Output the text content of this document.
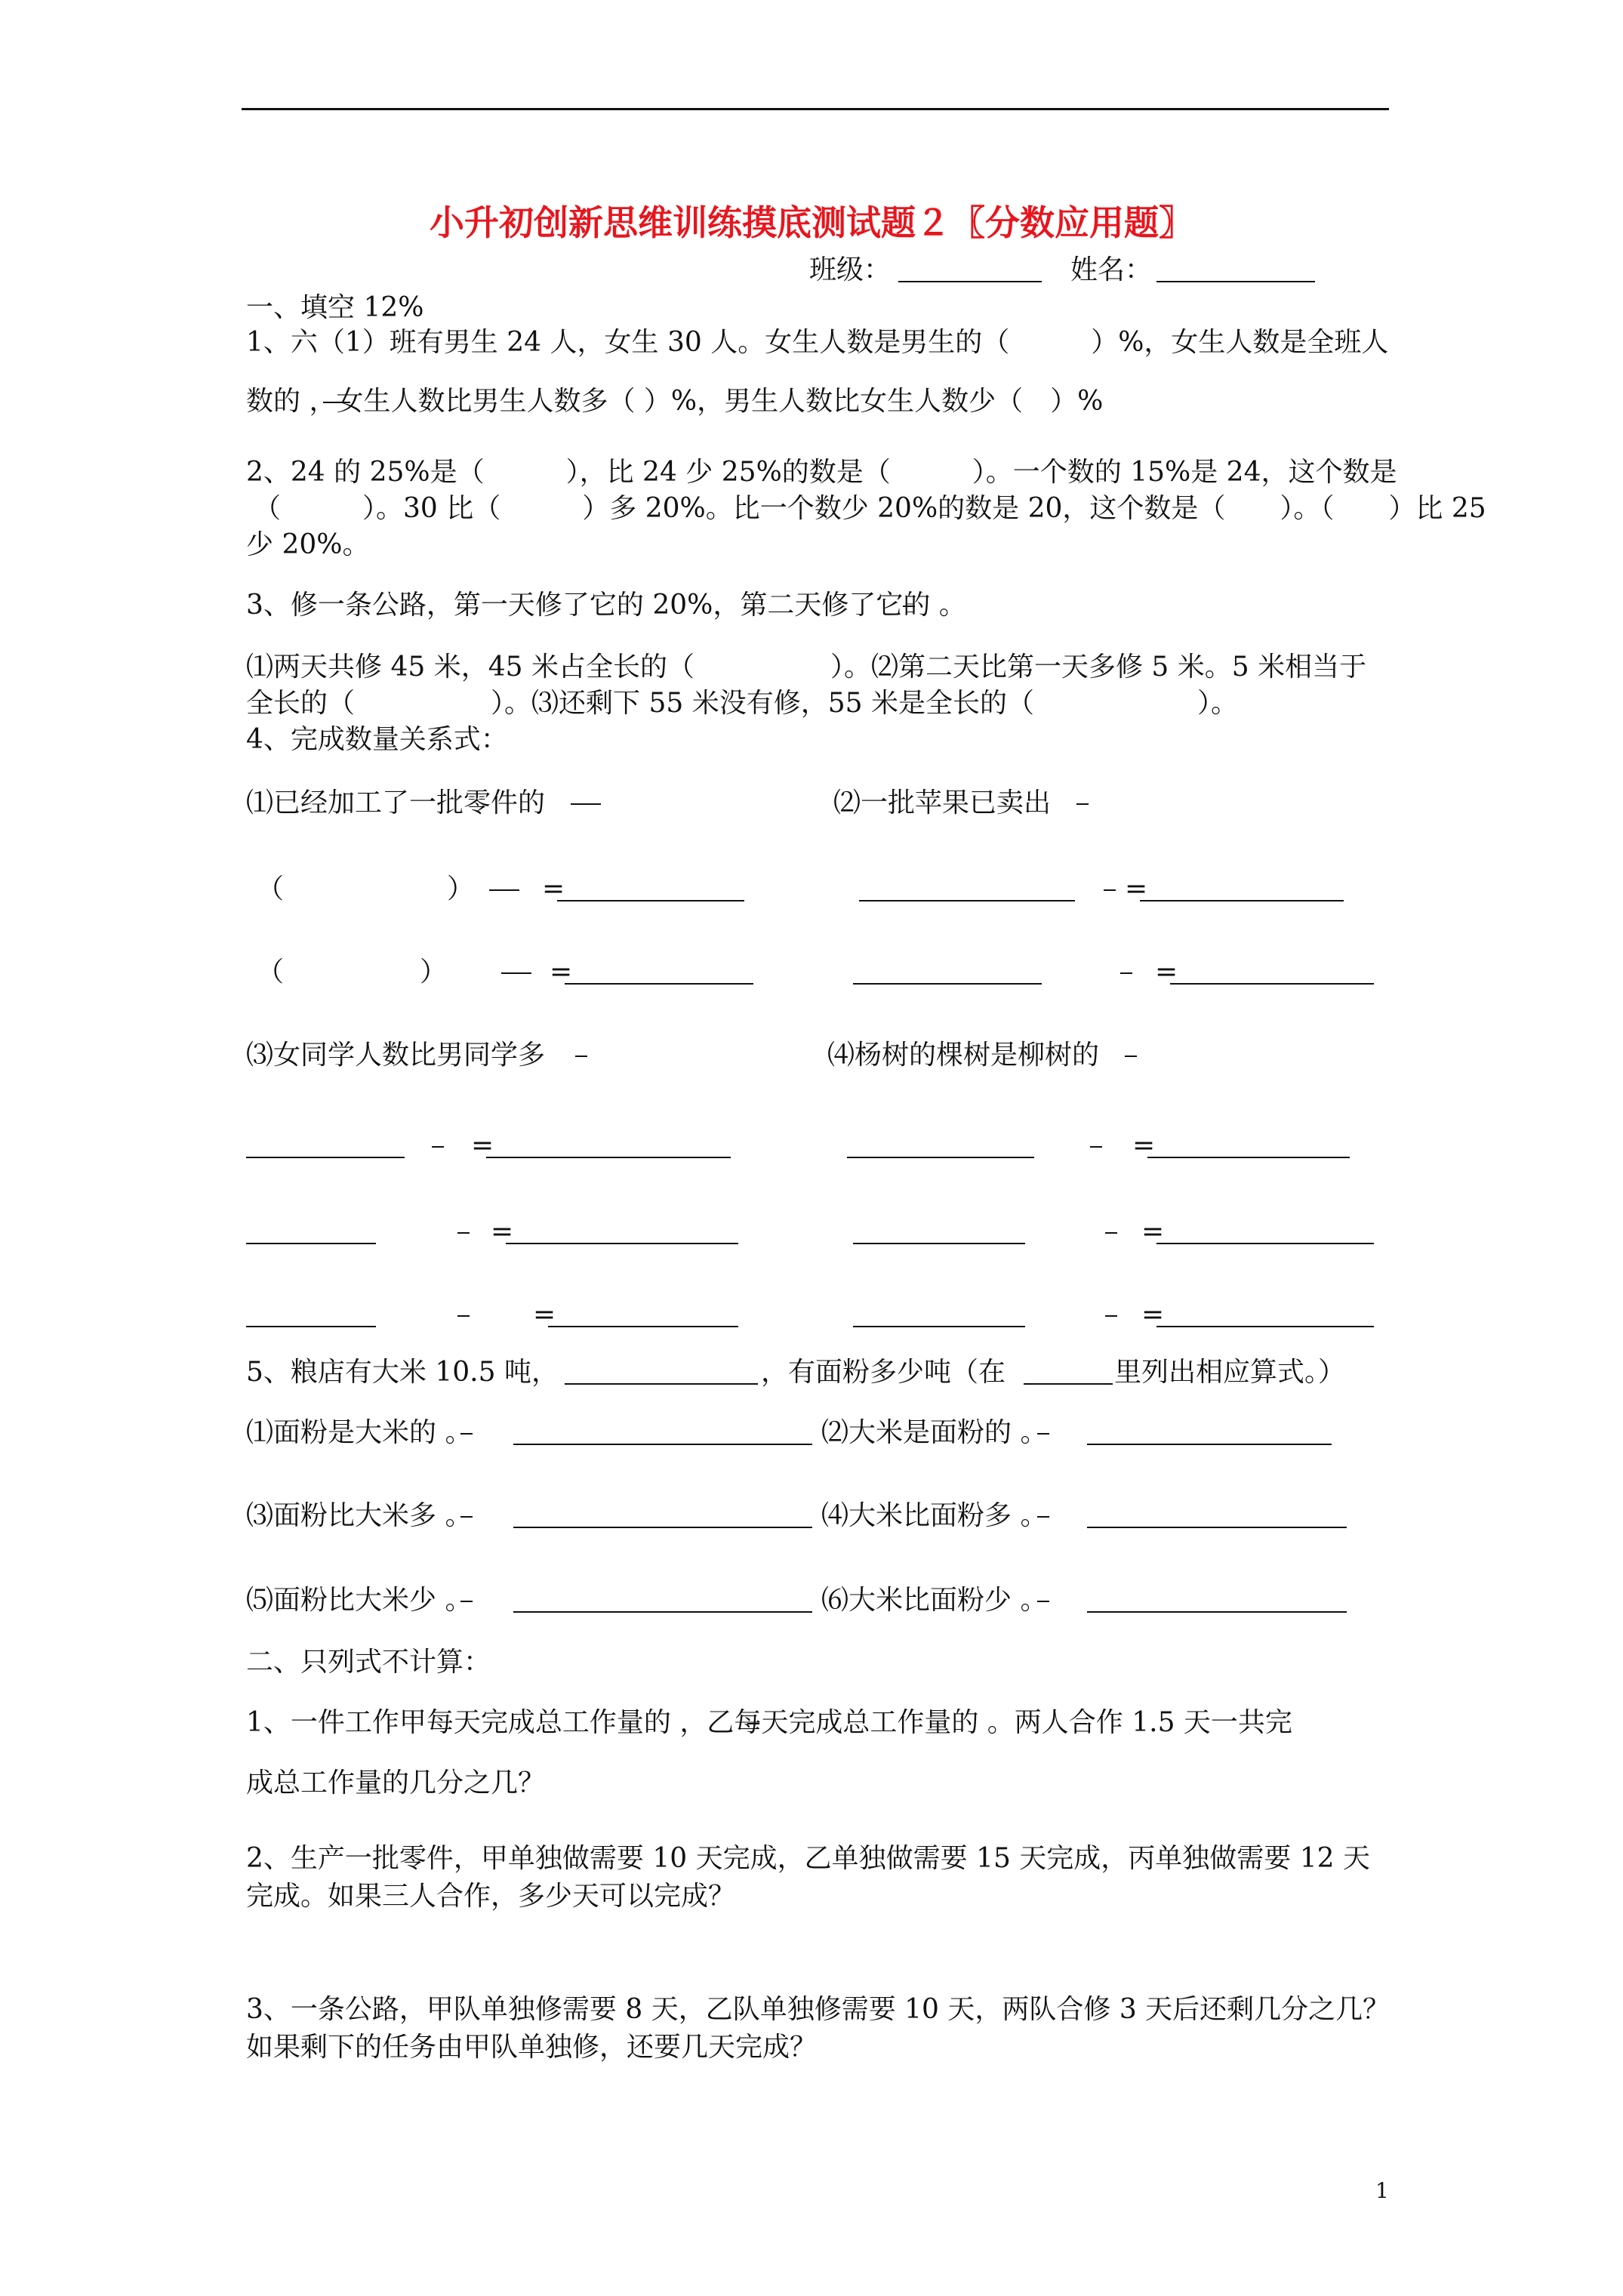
小升初创新思维训练摸底测试题２〖分数应用题〗
班级：	姓名：
一、填空 12%
1、六（1）班有男生 24 人，女生 30 人。女生人数是男生的（　　　）%，女生人数是全班人
数的 ，女生人数比男生人数多（ ）%，男生人数比女生人数少（　）%
2、24 的 25%是（　　　），比 24 少 25%的数是（　　　）。一个数的 15%是 24，这个数是
（　　　）。30 比（　　　）多 20%。比一个数少 20%的数是 20，这个数是（　　）。（　　）比 25
少 20%。
3、修一条公路，第一天修了它的 20%，第二天修了它的 。
⑴两天共修 45 米，45 米占全长的（　　　　　）。⑵第二天比第一天多修 5 米。5 米相当于
全长的（　　　　　）。⑶还剩下 55 米没有修，55 米是全长的（　　　　　　）。
4、完成数量关系式：
⑴已经加工了一批零件的	⑵一批苹果已卖出
（　　　　　　） =	=
（　　　　　）	=	=
⑶女同学人数比男同学多	⑷杨树的棵树是柳树的
=	=
=	=
=	=
5、粮店有大米 10.5 吨，	，有面粉多少吨（在	里列出相应算式。）
⑴面粉是大米的 。	⑵大米是面粉的 。
⑶面粉比大米多 。	⑷大米比面粉多 。
⑸面粉比大米少 。	⑹大米比面粉少 。
二、只列式不计算：
1、一件工作甲每天完成总工作量的 ，乙每天完成总工作量的 。两人合作 1.5 天一共完
成总工作量的几分之几？
2、生产一批零件，甲单独做需要 10 天完成，乙单独做需要 15 天完成，丙单独做需要 12 天
完成。如果三人合作，多少天可以完成？
3、一条公路，甲队单独修需要 8 天，乙队单独修需要 10 天，两队合修 3 天后还剩几分之几？
如果剩下的任务由甲队单独修，还要几天完成？
1
